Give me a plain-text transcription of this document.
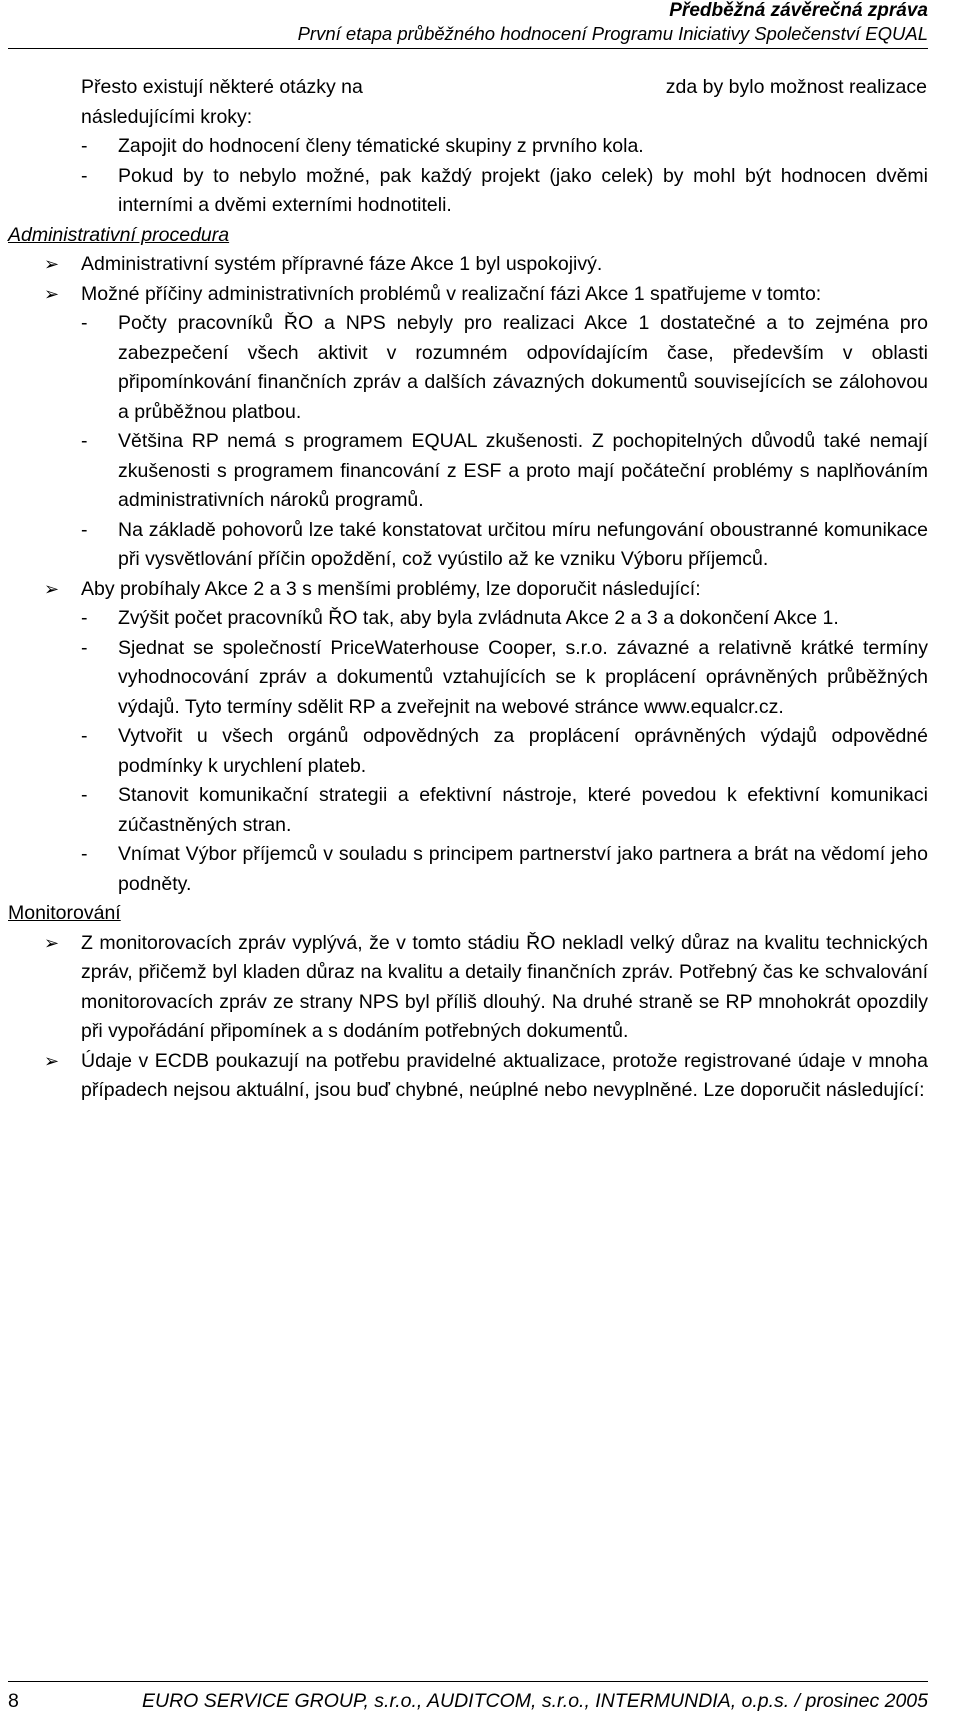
Předběžná závěrečná zpráva
První etapa průběžného hodnocení Programu Iniciativy Společenství EQUAL
Přesto existují některé otázky na	zda by bylo možnost realizace

následujícími kroky:

- Zapojit do hodnocení členy tématické skupiny z prvního kola.
- Pokud by to nebylo možné, pak každý projekt (jako celek) by mohl být hodnocen dvěmi interními a dvěmi externími hodnotiteli.

Administrativní procedura

➢ Administrativní systém přípravné fáze Akce 1 byl uspokojivý.
➢ Možné příčiny administrativních problémů v realizační fázi Akce 1 spatřujeme v tomto:
- Počty pracovníků ŘO a NPS nebyly pro realizaci Akce 1 dostatečné a to zejména pro zabezpečení všech aktivit v rozumném odpovídajícím čase, především v oblasti připomínkování finančních zpráv a dalších závazných dokumentů souvisejících se zálohovou a průběžnou platbou.
- Většina RP nemá s programem EQUAL zkušenosti. Z pochopitelných důvodů také nemají zkušenosti s programem financování z ESF a proto mají počáteční problémy s naplňováním administrativních nároků programů.
- Na základě pohovorů lze také konstatovat určitou míru nefungování oboustranné komunikace při vysvětlování příčin opoždění, což vyústilo až ke vzniku Výboru příjemců.
➢ Aby probíhaly Akce 2 a 3 s menšími problémy, lze doporučit následující:
- Zvýšit počet pracovníků ŘO tak, aby byla zvládnuta Akce 2 a 3 a dokončení Akce 1.
- Sjednat se společností PriceWaterhouse Cooper, s.r.o. závazné a relativně krátké termíny vyhodnocování zpráv a dokumentů vztahujících se k proplácení oprávněných průběžných výdajů. Tyto termíny sdělit RP a zveřejnit na webové stránce www.equalcr.cz.
- Vytvořit u všech orgánů odpovědných za proplácení oprávněných výdajů odpovědné podmínky k urychlení plateb.
- Stanovit komunikační strategii a efektivní nástroje, které povedou k efektivní komunikaci zúčastněných stran.
- Vnímat Výbor příjemců v souladu s principem partnerství jako partnera a brát na vědomí jeho podněty.

Monitorování

➢ Z monitorovacích zpráv vyplývá, že v tomto stádiu ŘO nekladl velký důraz na kvalitu technických zpráv, přičemž byl kladen důraz na kvalitu a detaily finančních zpráv. Potřebný čas ke schvalování monitorovacích zpráv ze strany NPS byl příliš dlouhý. Na druhé straně se RP mnohokrát opozdily při vypořádání připomínek a s dodáním potřebných dokumentů.
➢ Údaje v ECDB poukazují na potřebu pravidelné aktualizace, protože registrované údaje v mnoha případech nejsou aktuální, jsou buď chybné, neúplné nebo nevyplněné. Lze doporučit následující:
8	EURO SERVICE GROUP, s.r.o., AUDITCOM, s.r.o., INTERMUNDIA, o.p.s. / prosinec 2005
